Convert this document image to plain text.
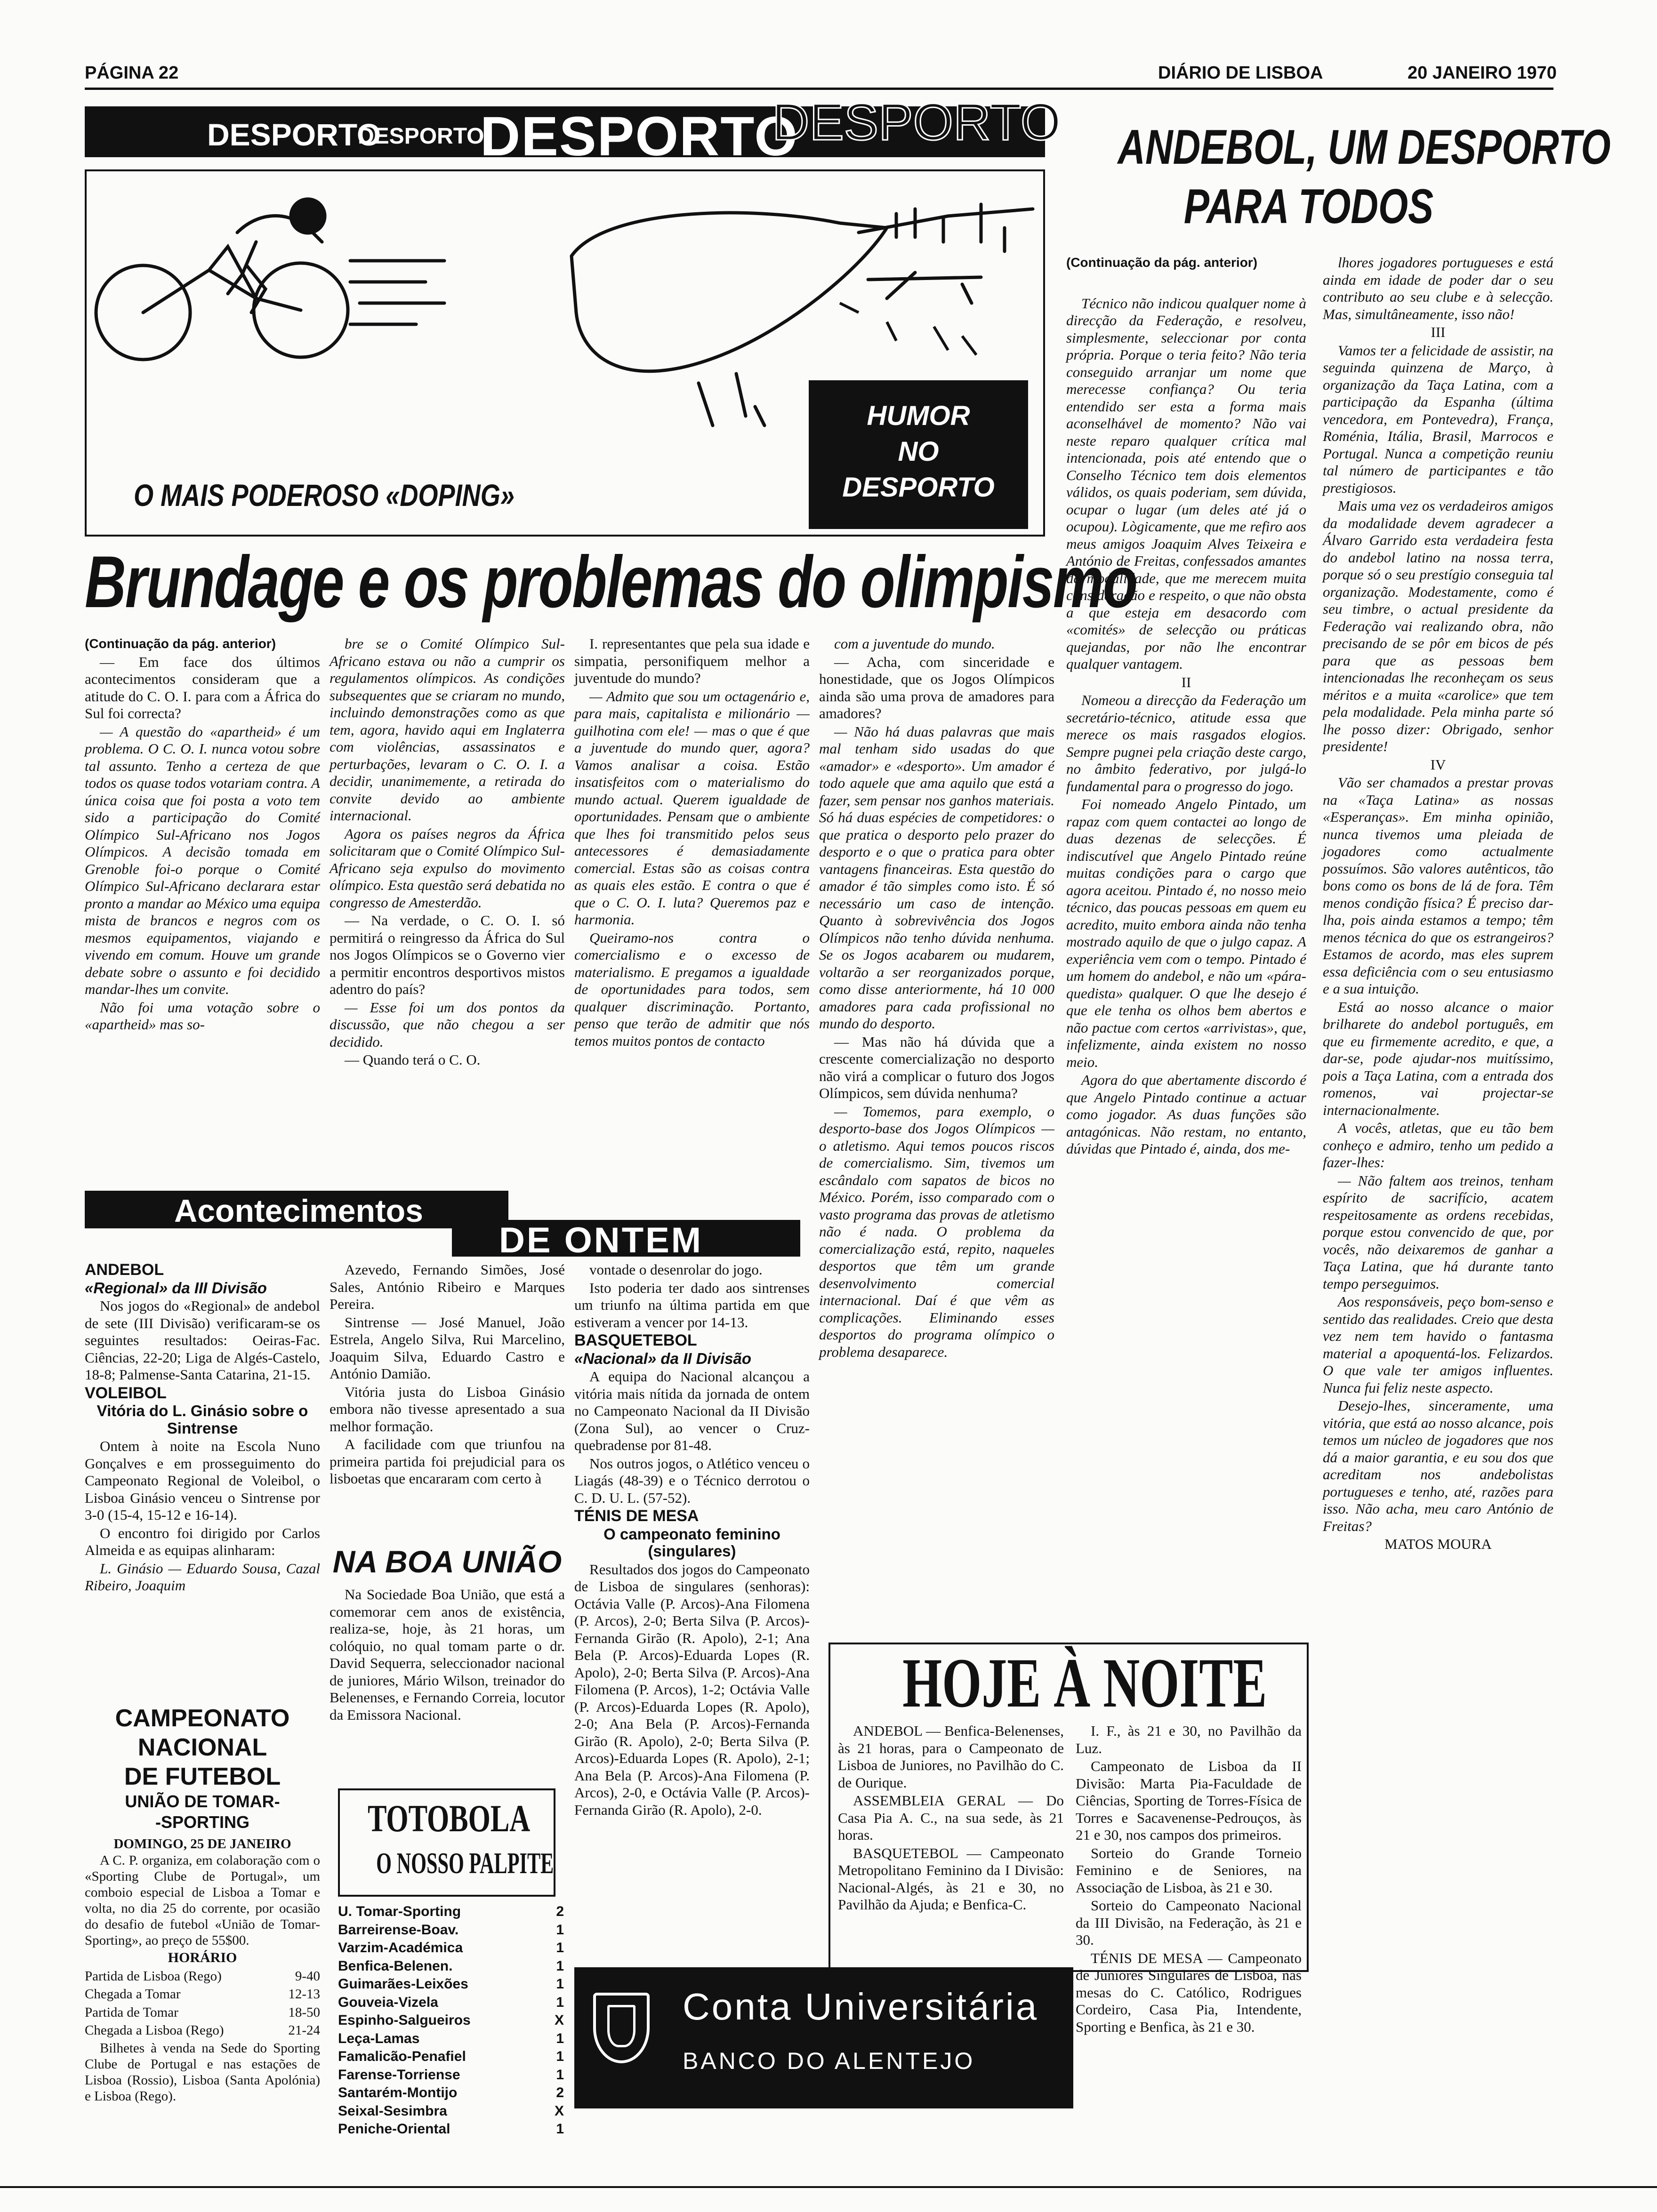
PÁGINA 22	DIÁRIO DE LISBOA	20 JANEIRO 1970
DESPORTO
DESPORTO
DESPORTO
DESPORTO
O MAIS PODEROSO «DOPING»
HUMOR
NO
DESPORTO
Brundage e os problemas do olimpismo

(Continuação da pág. anterior)

— Em face dos últimos acontecimentos consideram que a atitude do C. O. I. para com a África do Sul foi correcta?

— A questão do «apartheid» é um problema. O C. O. I. nunca votou sobre tal assunto. Tenho a certeza de que todos os quase todos votariam contra. A única coisa que foi posta a voto tem sido a participação do Comité Olímpico Sul-Africano nos Jogos Olímpicos. A decisão tomada em Grenoble foi-o porque o Comité Olímpico Sul-Africano declarara estar pronto a mandar ao México uma equipa mista de brancos e negros com os mesmos equipamentos, viajando e vivendo em comum. Houve um grande debate sobre o assunto e foi decidido mandar-lhes um convite.

Não foi uma votação sobre o «apartheid» mas so-

bre se o Comité Olímpico Sul-Africano estava ou não a cumprir os regulamentos olímpicos. As condições subsequentes que se criaram no mundo, incluindo demonstrações como as que tem, agora, havido aqui em Inglaterra com violências, assassinatos e perturbações, levaram o C. O. I. a decidir, unanimemente, a retirada do convite devido ao ambiente internacional.

Agora os países negros da África solicitaram que o Comité Olímpico Sul-Africano seja expulso do movimento olímpico. Esta questão será debatida no congresso de Amesterdão.

— Na verdade, o C. O. I. só permitirá o reingresso da África do Sul nos Jogos Olímpicos se o Governo vier a permitir encontros desportivos mistos adentro do país?

— Esse foi um dos pontos da discussão, que não chegou a ser decidido.

— Quando terá o C. O.

I. representantes que pela sua idade e simpatia, personifiquem melhor a juventude do mundo?

— Admito que sou um octagenário e, para mais, capitalista e milionário — guilhotina com ele! — mas o que é que a juventude do mundo quer, agora? Vamos analisar a coisa. Estão insatisfeitos com o materialismo do mundo actual. Querem igualdade de oportunidades. Pensam que o ambiente que lhes foi transmitido pelos seus antecessores é demasiadamente comercial. Estas são as coisas contra as quais eles estão. E contra o que é que o C. O. I. luta? Queremos paz e harmonia.

Queiramo-nos contra o comercialismo e o excesso de materialismo. E pregamos a igualdade de oportunidades para todos, sem qualquer discriminação. Portanto, penso que terão de admitir que nós temos muitos pontos de contacto

com a juventude do mundo.

— Acha, com sinceridade e honestidade, que os Jogos Olímpicos ainda são uma prova de amadores para amadores?

— Não há duas palavras que mais mal tenham sido usadas do que «amador» e «desporto». Um amador é todo aquele que ama aquilo que está a fazer, sem pensar nos ganhos materiais. Só há duas espécies de competidores: o que pratica o desporto pelo prazer do desporto e o que o pratica para obter vantagens financeiras. Esta questão do amador é tão simples como isto. É só necessário um caso de intenção. Quanto à sobrevivência dos Jogos Olímpicos não tenho dúvida nenhuma. Se os Jogos acabarem ou mudarem, voltarão a ser reorganizados porque, como disse anteriormente, há 10 000 amadores para cada profissional no mundo do desporto.

— Mas não há dúvida que a crescente comercialização no desporto não virá a complicar o futuro dos Jogos Olímpicos, sem dúvida nenhuma?

— Tomemos, para exemplo, o desporto-base dos Jogos Olímpicos — o atletismo. Aqui temos poucos riscos de comercialismo. Sim, tivemos um escândalo com sapatos de bicos no México. Porém, isso comparado com o vasto programa das provas de atletismo não é nada. O problema da comercialização está, repito, naqueles desportos que têm um grande desenvolvimento comercial internacional. Daí é que vêm as complicações. Eliminando esses desportos do programa olímpico o problema desaparece.

ANDEBOL, UM DESPORTO
PARA TODOS

(Continuação da pág. anterior)

Técnico não indicou qualquer nome à direcção da Federação, e resolveu, simplesmente, seleccionar por conta própria. Porque o teria feito? Não teria conseguido arranjar um nome que merecesse confiança? Ou teria entendido ser esta a forma mais aconselhável de momento? Não vai neste reparo qualquer crítica mal intencionada, pois até entendo que o Conselho Técnico tem dois elementos válidos, os quais poderiam, sem dúvida, ocupar o lugar (um deles até já o ocupou). Lògicamente, que me refiro aos meus amigos Joaquim Alves Teixeira e António de Freitas, confessados amantes da modalidade, que me merecem muita consideração e respeito, o que não obsta a que esteja em desacordo com «comités» de selecção ou práticas quejandas, por não lhe encontrar qualquer vantagem.

II

Nomeou a direcção da Federação um secretário-técnico, atitude essa que merece os mais rasgados elogios. Sempre pugnei pela criação deste cargo, no âmbito federativo, por julgá-lo fundamental para o progresso do jogo.

Foi nomeado Angelo Pintado, um rapaz com quem contactei ao longo de duas dezenas de selecções. É indiscutível que Angelo Pintado reúne muitas condições para o cargo que agora aceitou. Pintado é, no nosso meio técnico, das poucas pessoas em quem eu acredito, muito embora ainda não tenha mostrado aquilo de que o julgo capaz. A experiência vem com o tempo. Pintado é um homem do andebol, e não um «pára-quedista» qualquer. O que lhe desejo é que ele tenha os olhos bem abertos e não pactue com certos «arrivistas», que, infelizmente, ainda existem no nosso meio.

Agora do que abertamente discordo é que Angelo Pintado continue a actuar como jogador. As duas funções são antagónicas. Não restam, no entanto, dúvidas que Pintado é, ainda, dos me-

lhores jogadores portugueses e está ainda em idade de poder dar o seu contributo ao seu clube e à selecção. Mas, simultâneamente, isso não!

III

Vamos ter a felicidade de assistir, na seguinda quinzena de Março, à organização da Taça Latina, com a participação da Espanha (última vencedora, em Pontevedra), França, Roménia, Itália, Brasil, Marrocos e Portugal. Nunca a competição reuniu tal número de participantes e tão prestigiosos.

Mais uma vez os verdadeiros amigos da modalidade devem agradecer a Álvaro Garrido esta verdadeira festa do andebol latino na nossa terra, porque só o seu prestígio conseguia tal organização. Modestamente, como é seu timbre, o actual presidente da Federação vai realizando obra, não precisando de se pôr em bicos de pés para que as pessoas bem intencionadas lhe reconheçam os seus méritos e a muita «carolice» que tem pela modalidade. Pela minha parte só lhe posso dizer: Obrigado, senhor presidente!

IV

Vão ser chamados a prestar provas na «Taça Latina» as nossas «Esperanças». Em minha opinião, nunca tivemos uma pleiada de jogadores como actualmente possuímos. São valores autênticos, tão bons como os bons de lá de fora. Têm menos condição física? É preciso dar-lha, pois ainda estamos a tempo; têm menos técnica do que os estrangeiros? Estamos de acordo, mas eles suprem essa deficiência com o seu entusiasmo e a sua intuição.

Está ao nosso alcance o maior brilharete do andebol português, em que eu firmemente acredito, e que, a dar-se, pode ajudar-nos muitíssimo, pois a Taça Latina, com a entrada dos romenos, vai projectar-se internacionalmente.

A vocês, atletas, que eu tão bem conheço e admiro, tenho um pedido a fazer-lhes:

— Não faltem aos treinos, tenham espírito de sacrifício, acatem respeitosamente as ordens recebidas, porque estou convencido de que, por vocês, não deixaremos de ganhar a Taça Latina, que há durante tanto tempo perseguimos.

Aos responsáveis, peço bom-senso e sentido das realidades. Creio que desta vez nem tem havido o fantasma material a apoquentá-los. Felizardos. O que vale ter amigos influentes. Nunca fui feliz neste aspecto.

Desejo-lhes, sinceramente, uma vitória, que está ao nosso alcance, pois temos um núcleo de jogadores que nos dá a maior garantia, e eu sou dos que acreditam nos andebolistas portugueses e tenho, até, razões para isso. Não acha, meu caro António de Freitas?

MATOS MOURA

Acontecimentos
DE ONTEM

ANDEBOL

«Regional» da III Divisão

Nos jogos do «Regional» de andebol de sete (III Divisão) verificaram-se os seguintes resultados: Oeiras-Fac. Ciências, 22-20; Liga de Algés-Castelo, 18-8; Palmense-Santa Catarina, 21-15.

VOLEIBOL

Vitória do L. Ginásio sobre o Sintrense

Ontem à noite na Escola Nuno Gonçalves e em prosseguimento do Campeonato Regional de Voleibol, o Lisboa Ginásio venceu o Sintrense por 3-0 (15-4, 15-12 e 16-14).

O encontro foi dirigido por Carlos Almeida e as equipas alinharam:

L. Ginásio — Eduardo Sousa, Cazal Ribeiro, Joaquim

Azevedo, Fernando Simões, José Sales, António Ribeiro e Marques Pereira.

Sintrense — José Manuel, João Estrela, Angelo Silva, Rui Marcelino, Joaquim Silva, Eduardo Castro e António Damião.

Vitória justa do Lisboa Ginásio embora não tivesse apresentado a sua melhor formação.

A facilidade com que triunfou na primeira partida foi prejudicial para os lisboetas que encararam com certo à

vontade o desenrolar do jogo.

Isto poderia ter dado aos sintrenses um triunfo na última partida em que estiveram a vencer por 14-13.

BASQUETEBOL

«Nacional» da II Divisão

A equipa do Nacional alcançou a vitória mais nítida da jornada de ontem no Campeonato Nacional da II Divisão (Zona Sul), ao vencer o Cruz-quebradense por 81-48.

Nos outros jogos, o Atlético venceu o Liagás (48-39) e o Técnico derrotou o C. D. U. L. (57-52).

TÉNIS DE MESA

O campeonato feminino (singulares)

Resultados dos jogos do Campeonato de Lisboa de singulares (senhoras): Octávia Valle (P. Arcos)-Ana Filomena (P. Arcos), 2-0; Berta Silva (P. Arcos)-Fernanda Girão (R. Apolo), 2-1; Ana Bela (P. Arcos)-Eduarda Lopes (R. Apolo), 2-0; Berta Silva (P. Arcos)-Ana Filomena (P. Arcos), 1-2; Octávia Valle (P. Arcos)-Eduarda Lopes (R. Apolo), 2-0; Ana Bela (P. Arcos)-Fernanda Girão (R. Apolo), 2-0; Berta Silva (P. Arcos)-Eduarda Lopes (R. Apolo), 2-1; Ana Bela (P. Arcos)-Ana Filomena (P. Arcos), 2-0, e Octávia Valle (P. Arcos)-Fernanda Girão (R. Apolo), 2-0.

NA BOA UNIÃO

Na Sociedade Boa União, que está a comemorar cem anos de existência, realiza-se, hoje, às 21 horas, um colóquio, no qual tomam parte o dr. David Sequerra, seleccionador nacional de juniores, Mário Wilson, treinador do Belenenses, e Fernando Correia, locutor da Emissora Nacional.

CAMPEONATO
NACIONAL
DE FUTEBOL
UNIÃO DE TOMAR-
-SPORTING
DOMINGO, 25 DE JANEIRO

A C. P. organiza, em colaboração com o «Sporting Clube de Portugal», um comboio especial de Lisboa a Tomar e volta, no dia 25 do corrente, por ocasião do desafio de futebol «União de Tomar-Sporting», ao preço de 55$00.

HORÁRIO

Partida de Lisboa (Rego)	9-40

Chegada a Tomar	12-13

Partida de Tomar	18-50

Chegada a Lisboa (Rego)	21-24

Bilhetes à venda na Sede do Sporting Clube de Portugal e nas estações de Lisboa (Rossio), Lisboa (Santa Apolónia) e Lisboa (Rego).

TOTOBOLA
O NOSSO PALPITE

U. Tomar-Sporting	2

Barreirense-Boav.	1

Varzim-Académica	1

Benfica-Belenen.	1

Guimarães-Leixões	1

Gouveia-Vizela	1

Espinho-Salgueiros	X

Leça-Lamas	1

Famalicão-Penafiel	1

Farense-Torriense	1

Santarém-Montijo	2

Seixal-Sesimbra	X

Peniche-Oriental	1

HOJE À NOITE

ANDEBOL — Benfica-Belenenses, às 21 horas, para o Campeonato de Lisboa de Juniores, no Pavilhão do C. de Ourique.

ASSEMBLEIA GERAL — Do Casa Pia A. C., na sua sede, às 21 horas.

BASQUETEBOL — Campeonato Metropolitano Feminino da I Divisão: Nacional-Algés, às 21 e 30, no Pavilhão da Ajuda; e Benfica-C.

I. F., às 21 e 30, no Pavilhão da Luz.

Campeonato de Lisboa da II Divisão: Marta Pia-Faculdade de Ciências, Sporting de Torres-Física de Torres e Sacavenense-Pedrouços, às 21 e 30, nos campos dos primeiros.

Sorteio do Grande Torneio Feminino e de Seniores, na Associação de Lisboa, às 21 e 30.

Sorteio do Campeonato Nacional da III Divisão, na Federação, às 21 e 30.

TÉNIS DE MESA — Campeonato de Juniores Singulares de Lisboa, nas mesas do C. Católico, Rodrigues Cordeiro, Casa Pia, Intendente, Sporting e Benfica, às 21 e 30.

Conta Universitária
BANCO DO ALENTEJO
